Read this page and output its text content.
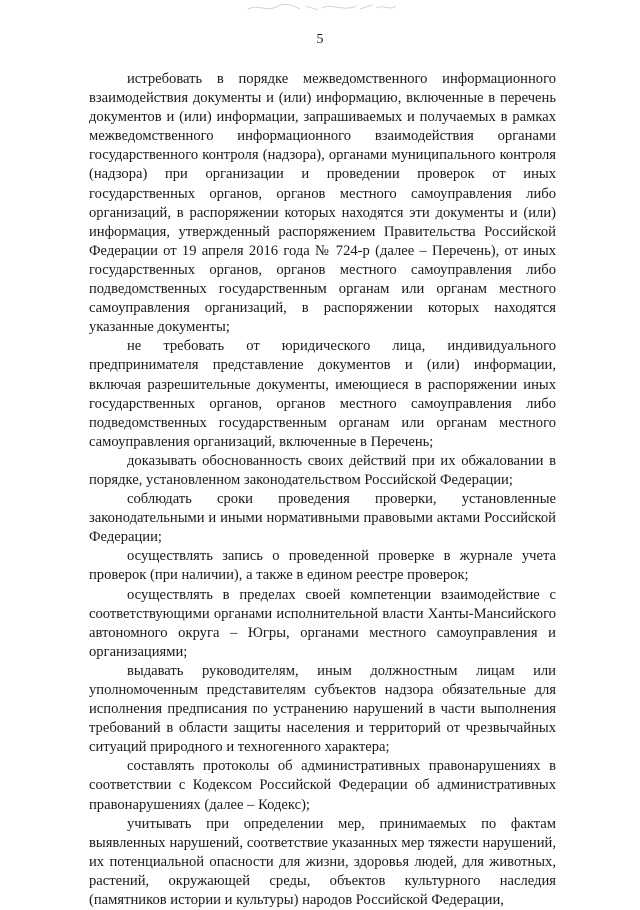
5

истребовать в порядке межведомственного информационного взаимодействия документы и (или) информацию, включенные в перечень документов и (или) информации, запрашиваемых и получаемых в рамках межведомственного информационного взаимодействия органами государственного контроля (надзора), органами муниципального контроля (надзора) при организации и проведении проверок от иных государственных органов, органов местного самоуправления либо организаций, в распоряжении которых находятся эти документы и (или) информация, утвержденный распоряжением Правительства Российской Федерации от 19 апреля 2016 года № 724-р (далее – Перечень), от иных государственных органов, органов местного самоуправления либо подведомственных государственным органам или органам местного самоуправления организаций, в распоряжении которых находятся указанные документы;

не требовать от юридического лица, индивидуального предпринимателя представление документов и (или) информации, включая разрешительные документы, имеющиеся в распоряжении иных государственных органов, органов местного самоуправления либо подведомственных государственным органам или органам местного самоуправления организаций, включенные в Перечень;

доказывать обоснованность своих действий при их обжаловании в порядке, установленном законодательством Российской Федерации;

соблюдать сроки проведения проверки, установленные законодательными и иными нормативными правовыми актами Российской Федерации;

осуществлять запись о проведенной проверке в журнале учета проверок (при наличии), а также в едином реестре проверок;

осуществлять в пределах своей компетенции взаимодействие с соответствующими органами исполнительной власти Ханты-Мансийского автономного округа – Югры, органами местного самоуправления и организациями;

выдавать руководителям, иным должностным лицам или уполномоченным представителям субъектов надзора обязательные для исполнения предписания по устранению нарушений в части выполнения требований в области защиты населения и территорий от чрезвычайных ситуаций природного и техногенного характера;

составлять протоколы об административных правонарушениях в соответствии с Кодексом Российской Федерации об административных правонарушениях (далее – Кодекс);

учитывать при определении мер, принимаемых по фактам выявленных нарушений, соответствие указанных мер тяжести нарушений, их потенциальной опасности для жизни, здоровья людей, для животных, растений, окружающей среды, объектов культурного наследия (памятников истории и культуры) народов Российской Федерации,
